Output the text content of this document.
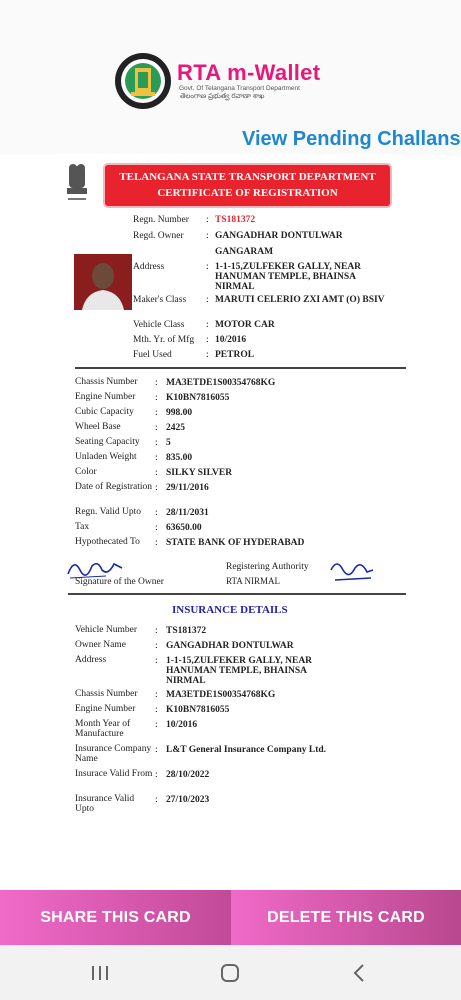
RTA m-Wallet
Govt. Of Telangana Transport Department
తెలంగాణ ప్రభుత్వ రవాణా శాఖ
View Pending Challans
TELANGANA STATE TRANSPORT DEPARTMENT
CERTIFICATE OF REGISTRATION
Regn. Number : TS181372
Regd. Owner : GANGADHAR DONTULWAR
GANGARAM
Address	: 1-1-15,ZULFEKER GALLY, NEAR HANUMAN TEMPLE, BHAINSA NIRMAL
Maker's Class : MARUTI CELERIO ZXI AMT (O) BSIV
Vehicle Class : MOTOR CAR
Mth. Yr. of Mfg : 10/2016
Fuel Used	: PETROL
Chassis Number	: MA3ETDE1S00354768KG
Engine Number	: K10BN7816055
Cubic Capacity	: 998.00
Wheel Base	: 2425
Seating Capacity	: 5
Unladen Weight	: 835.00
Color	: SILKY SILVER
Date of Registration : 29/11/2016
Regn. Valid Upto	: 28/11/2031
Tax	: 63650.00
Hypothecated To	: STATE BANK OF HYDERABAD
Signature of the Owner
Registering Authority
RTA NIRMAL
INSURANCE DETAILS
Vehicle Number	: TS181372
Owner Name	: GANGADHAR DONTULWAR
Address	: 1-1-15,ZULFEKER GALLY, NEAR HANUMAN TEMPLE, BHAINSA NIRMAL
Chassis Number	: MA3ETDE1S00354768KG
Engine Number	: K10BN7816055
Month Year of Manufacture
: 10/2016
Insurance Company Name
: L&T General Insurance Company Ltd.
Insurace Valid From : 28/10/2022
Insurance Valid Upto
: 27/10/2023
SHARE THIS CARD	DELETE THIS CARD
